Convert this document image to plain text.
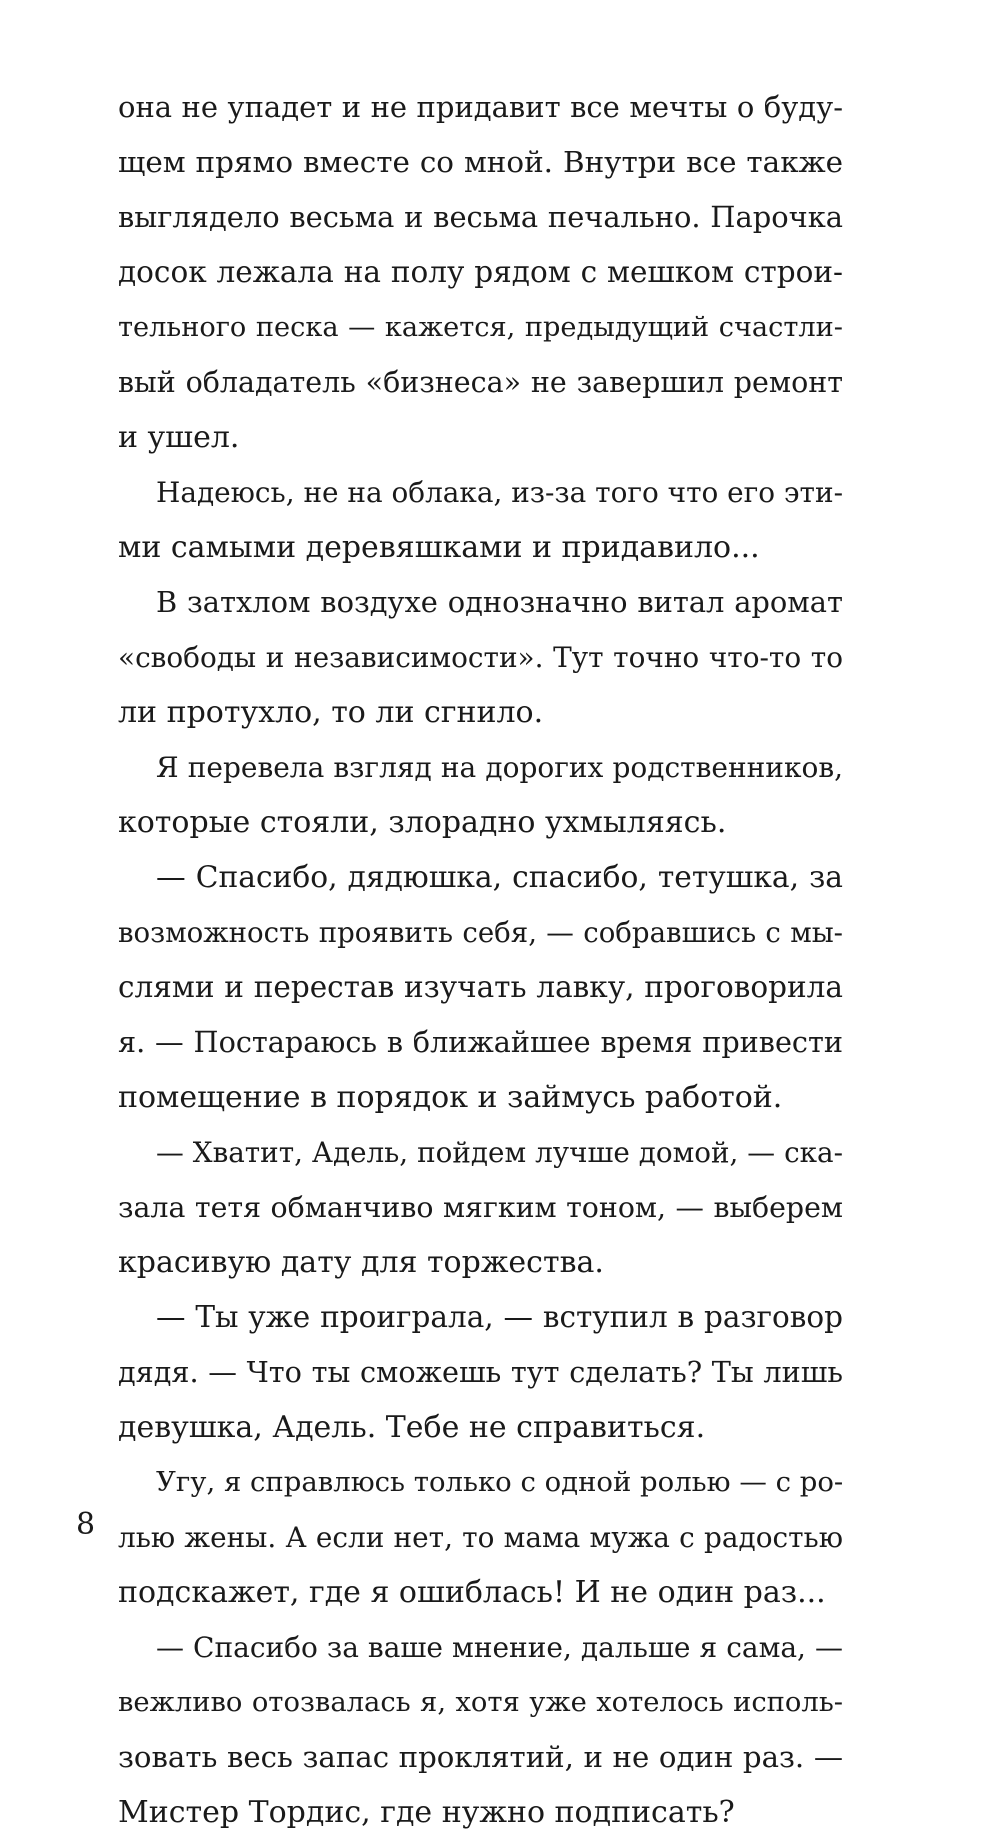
она не упадет и не придавит все мечты о буду-
щем прямо вместе со мной. Внутри все также
выглядело весьма и весьма печально. Парочка
досок лежала на полу рядом с мешком строи-
тельного песка — кажется, предыдущий счастли-
вый обладатель «бизнеса» не завершил ремонт
и ушел.
Надеюсь, не на облака, из-за того что его эти-
ми самыми деревяшками и придавило...
В затхлом воздухе однозначно витал аромат
«свободы и независимости». Тут точно что-то то
ли протухло, то ли сгнило.
Я перевела взгляд на дорогих родственников,
которые стояли, злорадно ухмыляясь.
— Спасибо, дядюшка, спасибо, тетушка, за
возможность проявить себя, — собравшись с мы-
слями и перестав изучать лавку, проговорила
я. — Постараюсь в ближайшее время привести
помещение в порядок и займусь работой.
— Хватит, Адель, пойдем лучше домой, — ска-
зала тетя обманчиво мягким тоном, — выберем
красивую дату для торжества.
— Ты уже проиграла, — вступил в разговор
дядя. — Что ты сможешь тут сделать? Ты лишь
девушка, Адель. Тебе не справиться.
Угу, я справлюсь только с одной ролью — с ро-
лью жены. А если нет, то мама мужа с радостью
подскажет, где я ошиблась! И не один раз...
— Спасибо за ваше мнение, дальше я сама, —
вежливо отозвалась я, хотя уже хотелось исполь-
зовать весь запас проклятий, и не один раз. —
Мистер Тордис, где нужно подписать?
8
